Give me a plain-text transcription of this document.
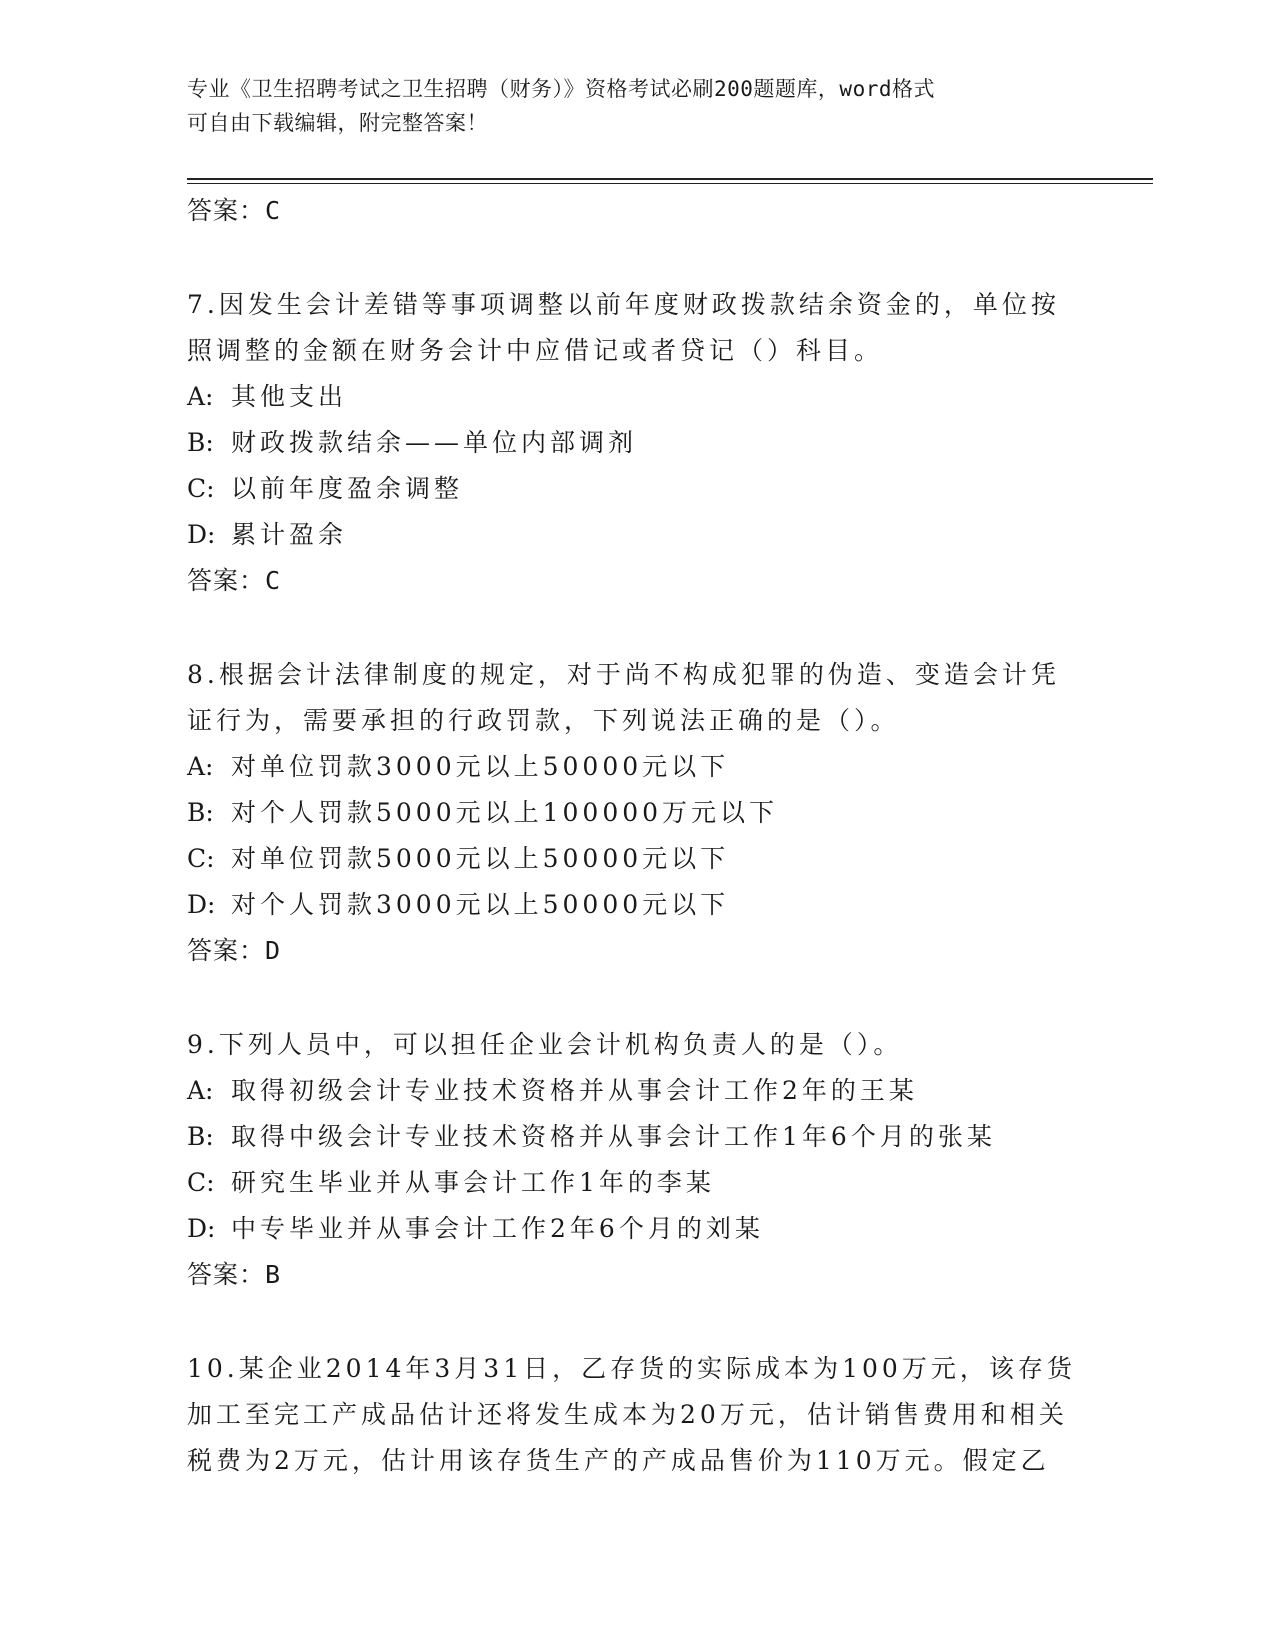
专业《卫生招聘考试之卫生招聘（财务）》资格考试必刷200题题库，word格式
可自由下载编辑，附完整答案！
答案：C
7.因发生会计差错等事项调整以前年度财政拨款结余资金的，单位按
照调整的金额在财务会计中应借记或者贷记（）科目。
A: 其他支出
B: 财政拨款结余——单位内部调剂
C: 以前年度盈余调整
D: 累计盈余
答案：C
8.根据会计法律制度的规定，对于尚不构成犯罪的伪造、变造会计凭
证行为，需要承担的行政罚款，下列说法正确的是（）。
A: 对单位罚款3000元以上50000元以下
B: 对个人罚款5000元以上100000万元以下
C: 对单位罚款5000元以上50000元以下
D: 对个人罚款3000元以上50000元以下
答案：D
9.下列人员中，可以担任企业会计机构负责人的是（）。
A: 取得初级会计专业技术资格并从事会计工作2年的王某
B: 取得中级会计专业技术资格并从事会计工作1年6个月的张某
C: 研究生毕业并从事会计工作1年的李某
D: 中专毕业并从事会计工作2年6个月的刘某
答案：B
10.某企业2014年3月31日，乙存货的实际成本为100万元，该存货
加工至完工产成品估计还将发生成本为20万元，估计销售费用和相关
税费为2万元，估计用该存货生产的产成品售价为110万元。假定乙
